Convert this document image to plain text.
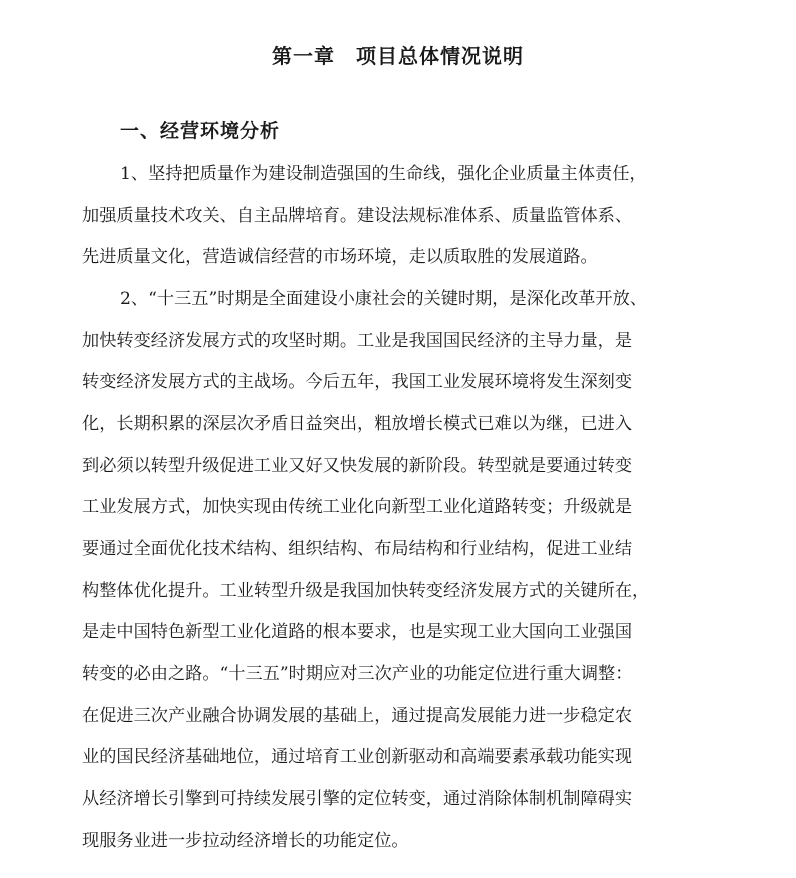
第一章　项目总体情况说明
一、经营环境分析
1、坚持把质量作为建设制造强国的生命线，强化企业质量主体责任，
加强质量技术攻关、自主品牌培育。建设法规标准体系、质量监管体系、
先进质量文化，营造诚信经营的市场环境，走以质取胜的发展道路。
2、“十三五”时期是全面建设小康社会的关键时期，是深化改革开放、
加快转变经济发展方式的攻坚时期。工业是我国国民经济的主导力量，是
转变经济发展方式的主战场。今后五年，我国工业发展环境将发生深刻变
化，长期积累的深层次矛盾日益突出，粗放增长模式已难以为继，已进入
到必须以转型升级促进工业又好又快发展的新阶段。转型就是要通过转变
工业发展方式，加快实现由传统工业化向新型工业化道路转变；升级就是
要通过全面优化技术结构、组织结构、布局结构和行业结构，促进工业结
构整体优化提升。工业转型升级是我国加快转变经济发展方式的关键所在，
是走中国特色新型工业化道路的根本要求，也是实现工业大国向工业强国
转变的必由之路。“十三五”时期应对三次产业的功能定位进行重大调整：
在促进三次产业融合协调发展的基础上，通过提高发展能力进一步稳定农
业的国民经济基础地位，通过培育工业创新驱动和高端要素承载功能实现
从经济增长引擎到可持续发展引擎的定位转变，通过消除体制机制障碍实
现服务业进一步拉动经济增长的功能定位。
